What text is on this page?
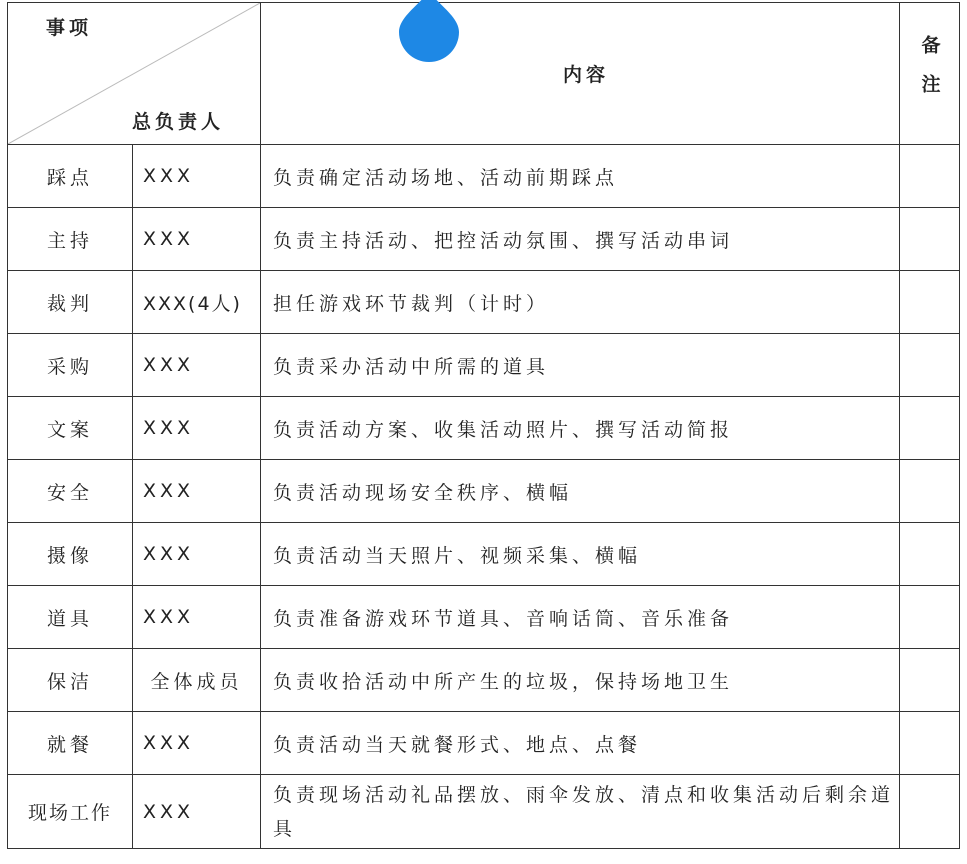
事项
总负责人		内容	备注

踩点	XXX	负责确定活动场地、活动前期踩点	
主持	XXX	负责主持活动、把控活动氛围、撰写活动串词	
裁判	XXX(4人)	担任游戏环节裁判（计时）	
采购	XXX	负责采办活动中所需的道具	
文案	XXX	负责活动方案、收集活动照片、撰写活动简报	
安全	XXX	负责活动现场安全秩序、横幅	
摄像	XXX	负责活动当天照片、视频采集、横幅	
道具	XXX	负责准备游戏环节道具、音响话筒、音乐准备	
保洁	全体成员	负责收拾活动中所产生的垃圾，保持场地卫生	
就餐	XXX	负责活动当天就餐形式、地点、点餐	
现场工作	XXX	负责现场活动礼品摆放、雨伞发放、清点和收集活动后剩余道具	
